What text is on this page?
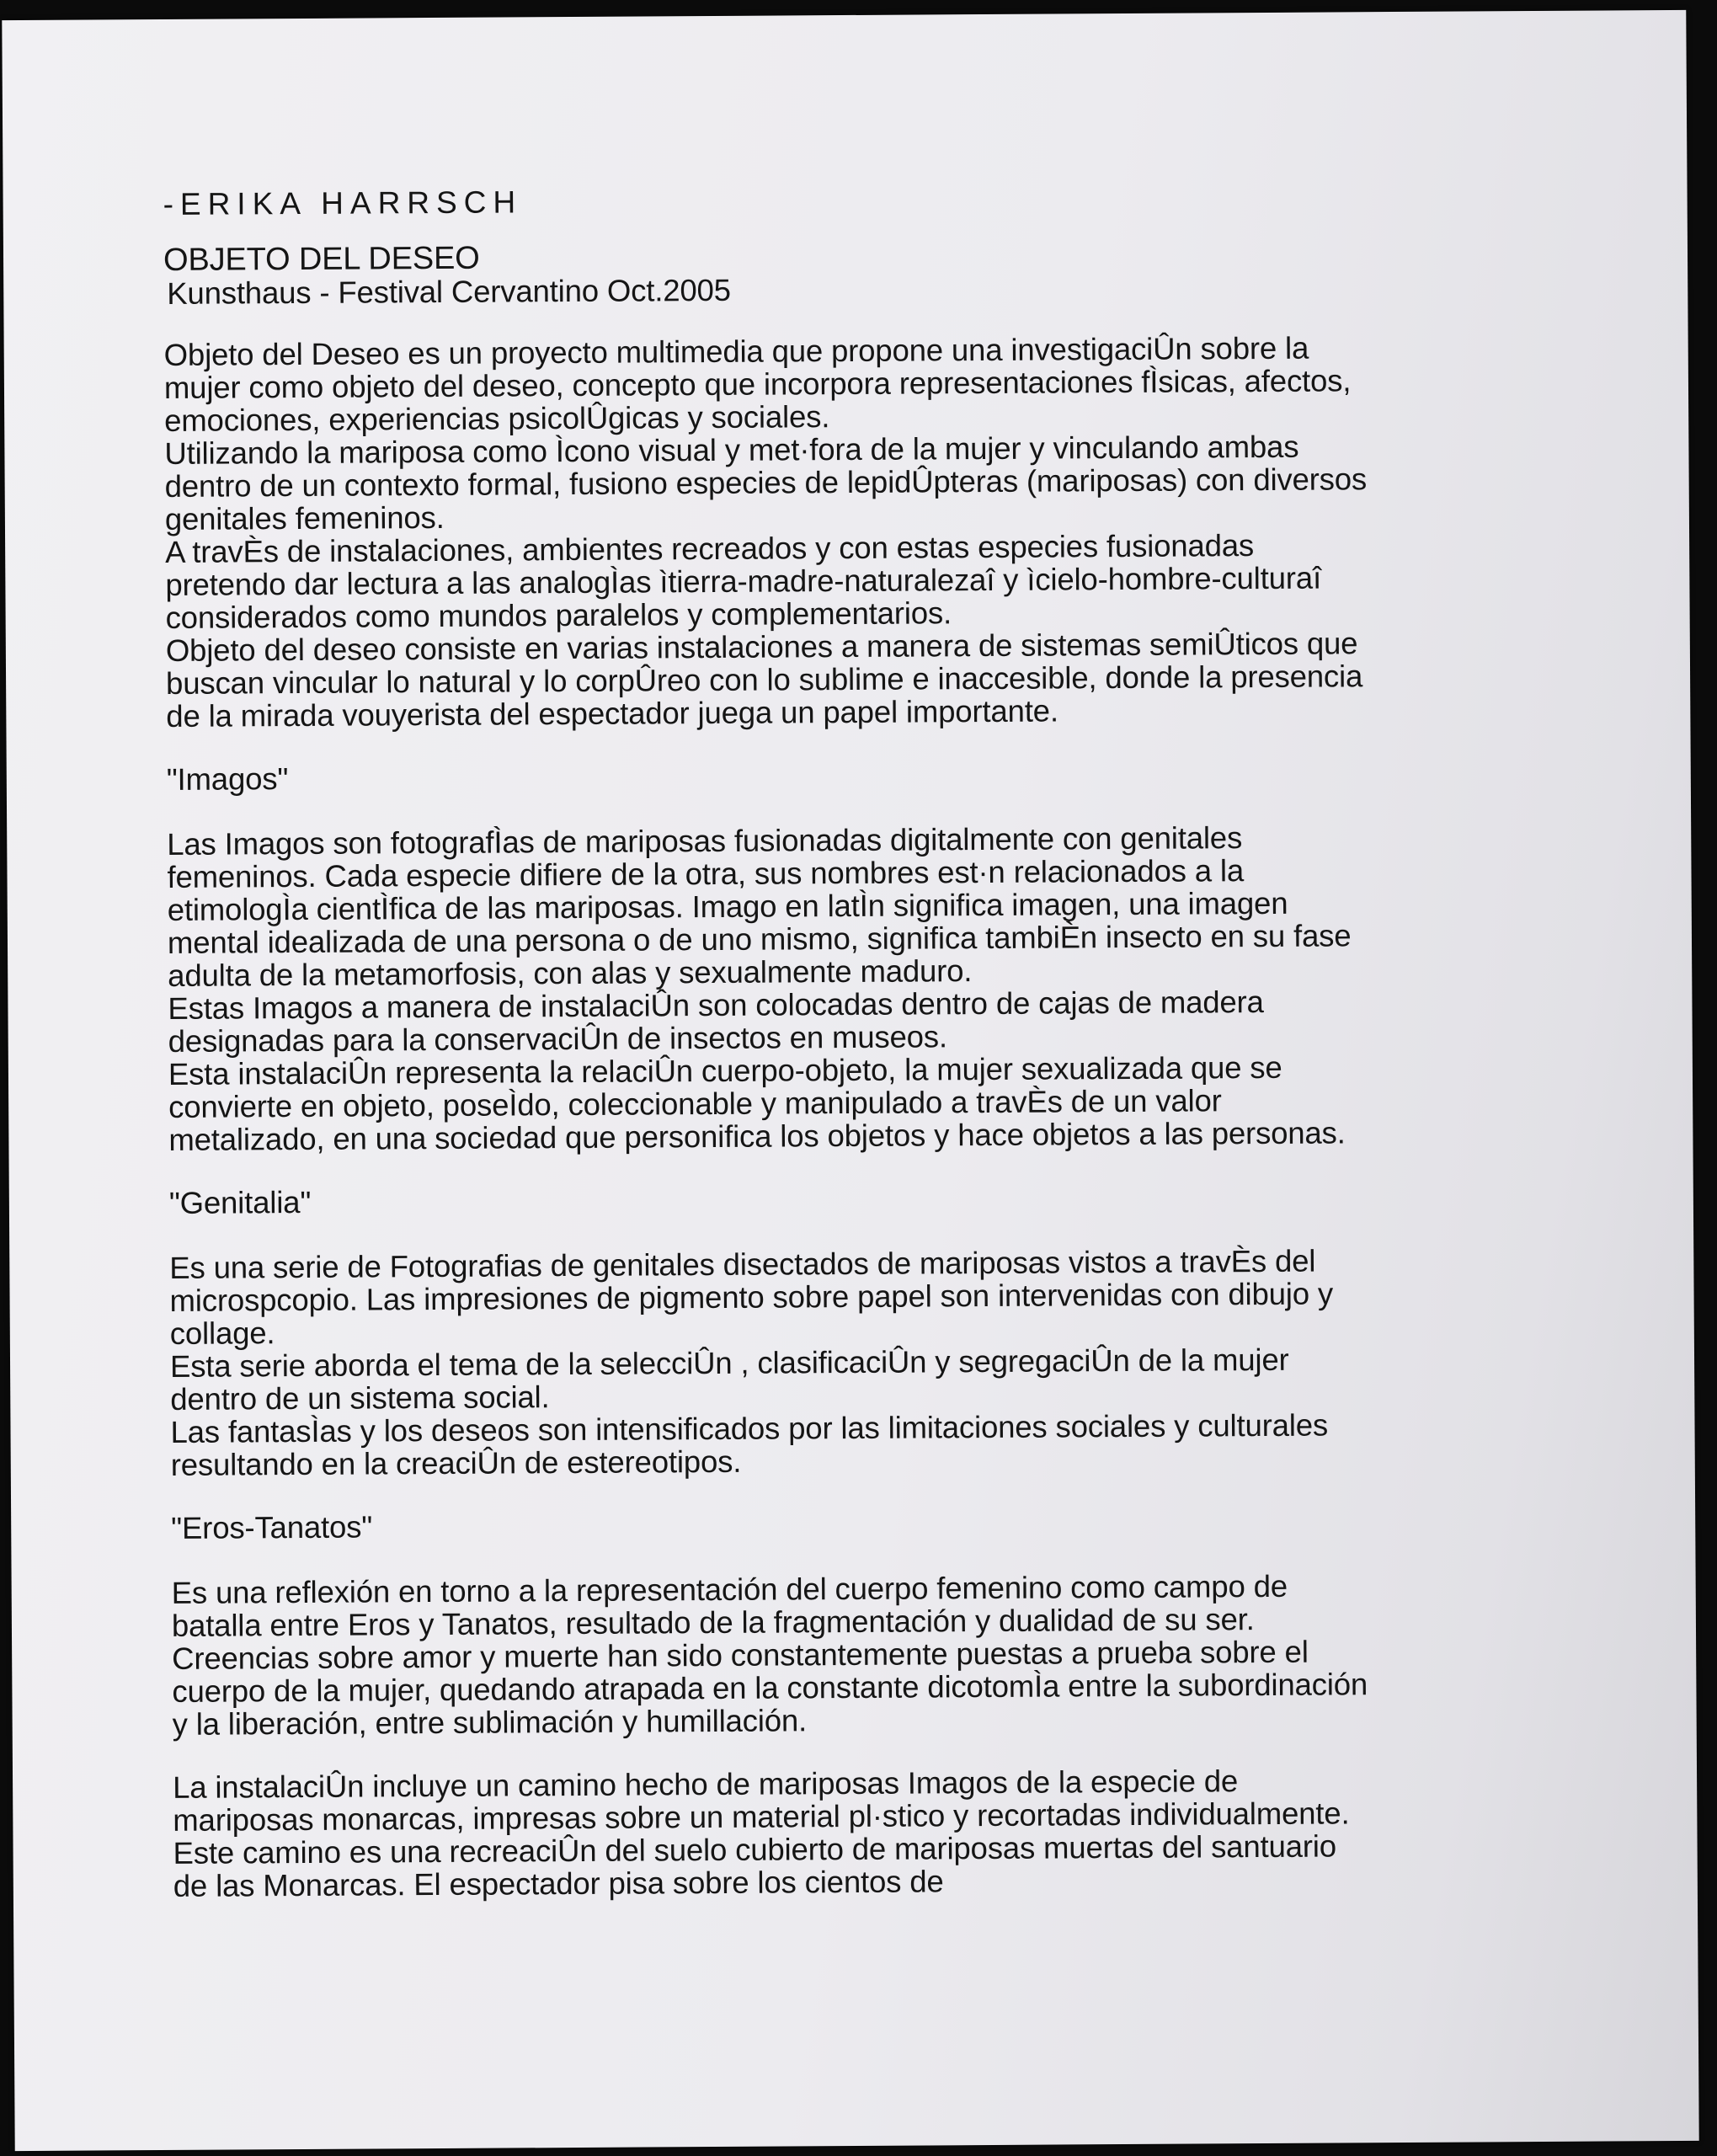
-ERIKA HARRSCH
OBJETO DEL DESEO
Kunsthaus - Festival Cervantino Oct.2005

Objeto del Deseo es un proyecto multimedia que propone una investigaciÛn sobre la mujer como objeto del deseo, concepto que incorpora representaciones fÌsicas, afectos, emociones, experiencias psicolÛgicas y sociales.

Utilizando la mariposa como Ìcono visual y met·fora de la mujer y vinculando ambas dentro de un contexto formal, fusiono especies de lepidÛpteras (mariposas) con diversos genitales femeninos.

A travÈs de instalaciones, ambientes recreados y con estas especies fusionadas pretendo dar lectura a las analogÌas ìtierra-madre-naturalezaî y ìcielo-hombre-culturaî considerados como mundos paralelos y complementarios.

Objeto del deseo consiste en varias instalaciones a manera de sistemas semiÛticos que buscan vincular lo natural y lo corpÛreo con lo sublime e inaccesible, donde la presencia de la mirada vouyerista del espectador juega un papel importante.

"Imagos"

Las Imagos son fotografÌas de mariposas fusionadas digitalmente con genitales femeninos. Cada especie difiere de la otra, sus nombres est·n relacionados a la etimologÌa cientÌfica de las mariposas. Imago en latÌn significa imagen, una imagen mental idealizada de una persona o de uno mismo, significa tambiÈn insecto en su fase adulta de la metamorfosis, con alas y sexualmente maduro.

Estas Imagos a manera de instalaciÛn son colocadas dentro de cajas de madera designadas para la conservaciÛn de insectos en museos.

Esta instalaciÛn representa la relaciÛn cuerpo-objeto, la mujer sexualizada que se convierte en objeto, poseÌdo, coleccionable y manipulado a travÈs de un valor metalizado, en una sociedad que personifica los objetos y hace objetos a las personas.

"Genitalia"

Es una serie de Fotografias de genitales disectados de mariposas vistos a travÈs del microspcopio. Las impresiones de pigmento sobre papel son intervenidas con dibujo y collage.

Esta serie aborda el tema de la selecciÛn , clasificaciÛn y segregaciÛn de la mujer dentro de un sistema social.

Las fantasÌas y los deseos son intensificados por las limitaciones sociales y culturales resultando en la creaciÛn de estereotipos.

"Eros-Tanatos"

Es una reflexión en torno a la representación del cuerpo femenino como campo de batalla entre Eros y Tanatos, resultado de la fragmentación y dualidad de su ser. Creencias sobre amor y muerte han sido constantemente puestas a prueba sobre el cuerpo de la mujer, quedando atrapada en la constante dicotomÌa entre la subordinación y la liberación, entre sublimación y humillación.

La instalaciÛn incluye un camino hecho de mariposas Imagos de la especie de mariposas monarcas, impresas sobre un material pl·stico y recortadas individualmente. Este camino es una recreaciÛn del suelo cubierto de mariposas muertas del santuario de las Monarcas. El espectador pisa sobre los cientos de
